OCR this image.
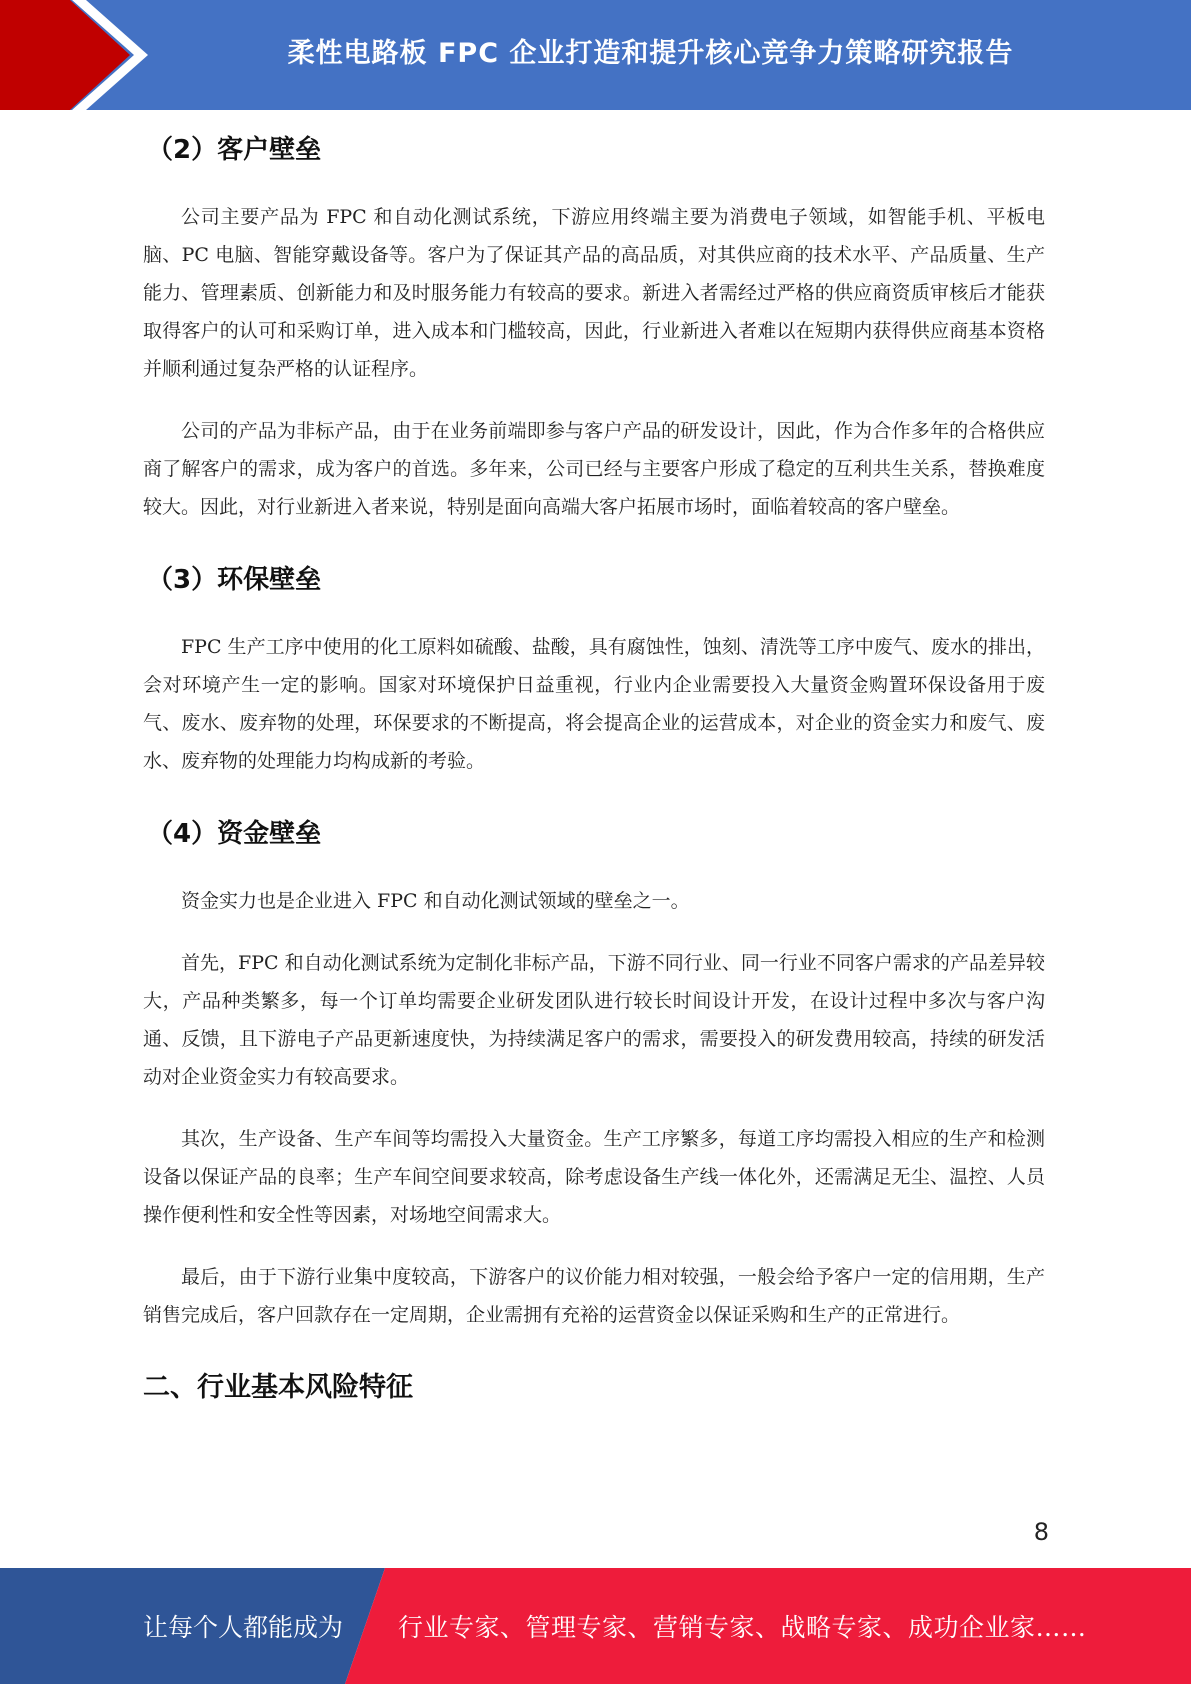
柔性电路板 FPC 企业打造和提升核心竞争力策略研究报告
（2）客户壁垒

公司主要产品为 FPC 和自动化测试系统，下游应用终端主要为消费电子领域，如智能手机、平板电脑、PC 电脑、智能穿戴设备等。客户为了保证其产品的高品质，对其供应商的技术水平、产品质量、生产能力、管理素质、创新能力和及时服务能力有较高的要求。新进入者需经过严格的供应商资质审核后才能获取得客户的认可和采购订单，进入成本和门槛较高，因此，行业新进入者难以在短期内获得供应商基本资格并顺利通过复杂严格的认证程序。

公司的产品为非标产品，由于在业务前端即参与客户产品的研发设计，因此，作为合作多年的合格供应商了解客户的需求，成为客户的首选。多年来，公司已经与主要客户形成了稳定的互利共生关系，替换难度较大。因此，对行业新进入者来说，特别是面向高端大客户拓展市场时，面临着较高的客户壁垒。

（3）环保壁垒

FPC 生产工序中使用的化工原料如硫酸、盐酸，具有腐蚀性，蚀刻、清洗等工序中废气、废水的排出，会对环境产生一定的影响。国家对环境保护日益重视，行业内企业需要投入大量资金购置环保设备用于废气、废水、废弃物的处理，环保要求的不断提高，将会提高企业的运营成本，对企业的资金实力和废气、废水、废弃物的处理能力均构成新的考验。

（4）资金壁垒

资金实力也是企业进入 FPC 和自动化测试领域的壁垒之一。

首先，FPC 和自动化测试系统为定制化非标产品，下游不同行业、同一行业不同客户需求的产品差异较大，产品种类繁多，每一个订单均需要企业研发团队进行较长时间设计开发，在设计过程中多次与客户沟通、反馈，且下游电子产品更新速度快，为持续满足客户的需求，需要投入的研发费用较高，持续的研发活动对企业资金实力有较高要求。

其次，生产设备、生产车间等均需投入大量资金。生产工序繁多，每道工序均需投入相应的生产和检测设备以保证产品的良率；生产车间空间要求较高，除考虑设备生产线一体化外，还需满足无尘、温控、人员操作便利性和安全性等因素，对场地空间需求大。

最后，由于下游行业集中度较高，下游客户的议价能力相对较强，一般会给予客户一定的信用期，生产销售完成后，客户回款存在一定周期，企业需拥有充裕的运营资金以保证采购和生产的正常进行。

二、行业基本风险特征
8
让每个人都能成为 行业专家、管理专家、营销专家、战略专家、成功企业家……
